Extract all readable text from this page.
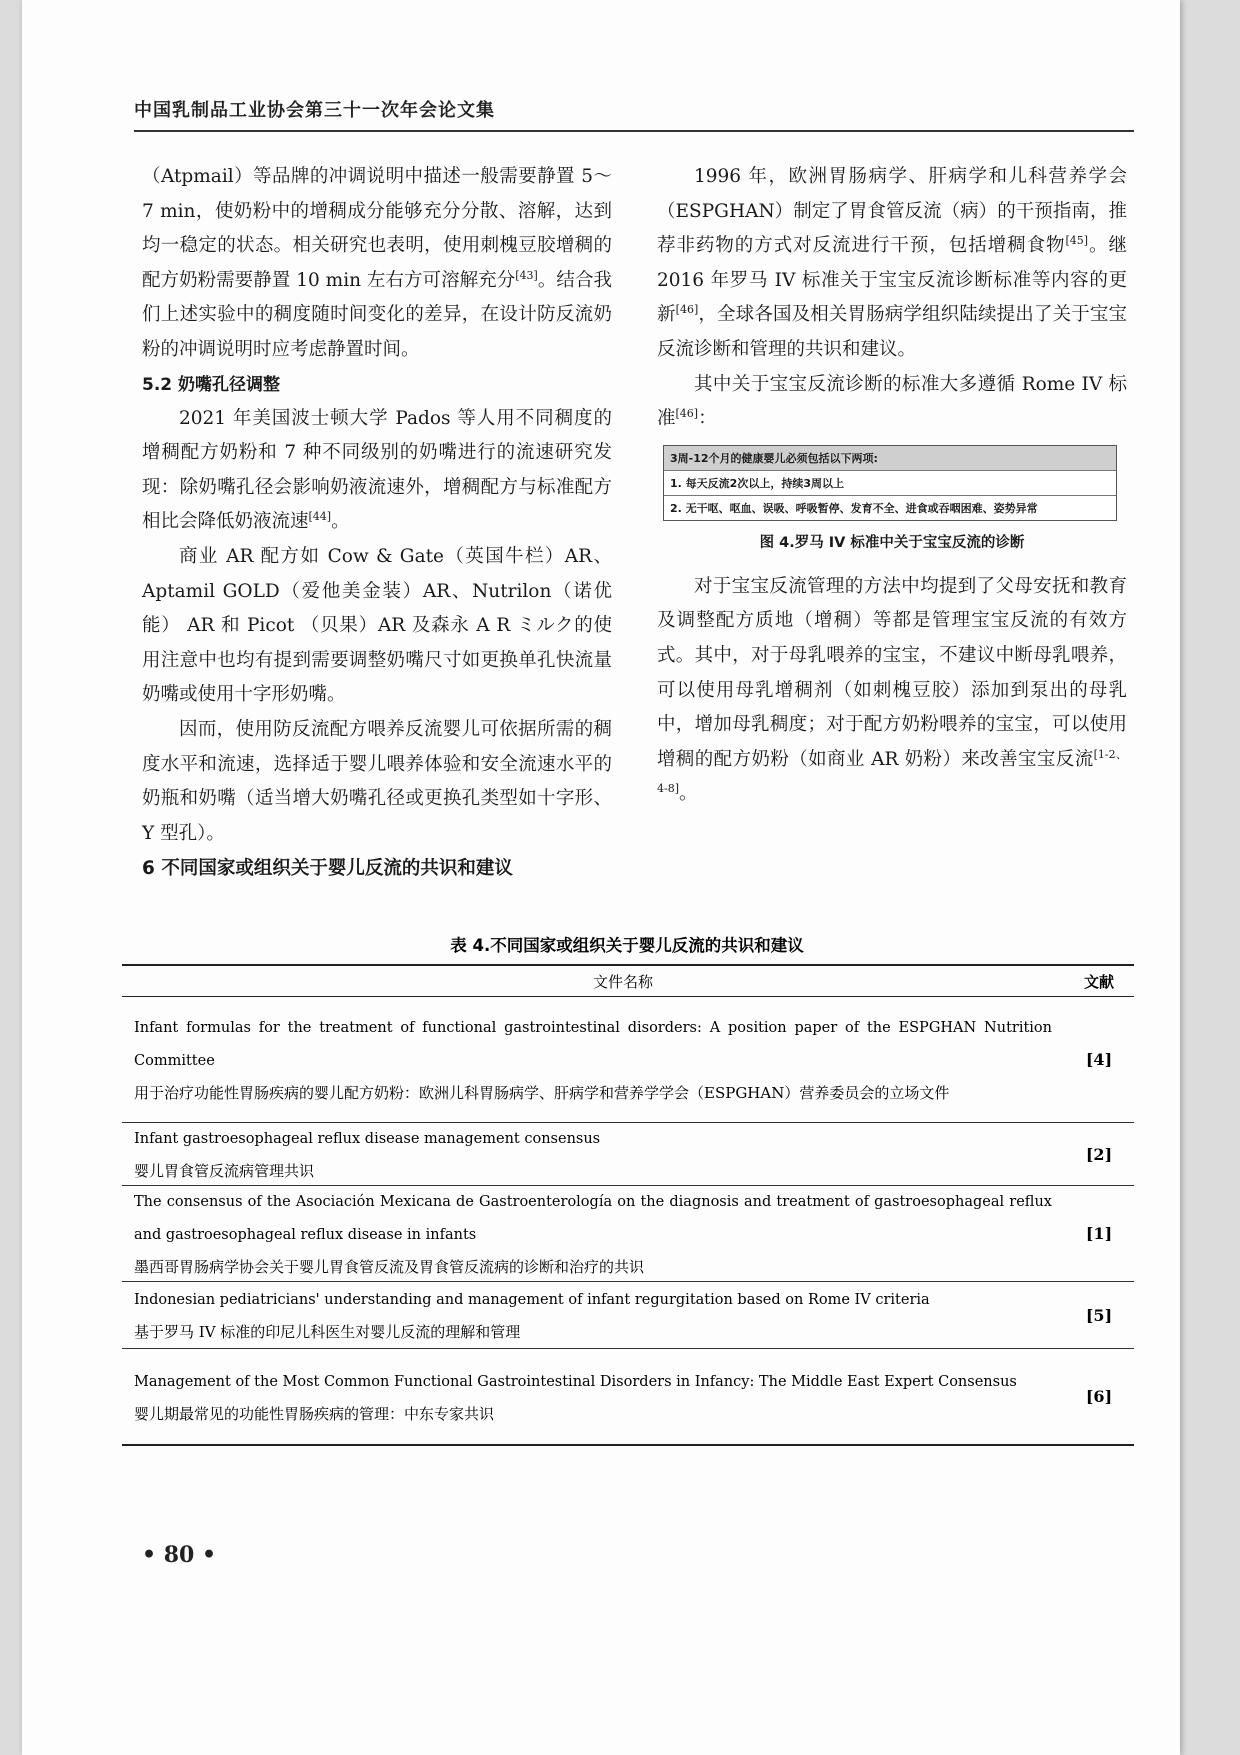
中国乳制品工业协会第三十一次年会论文集

（Atpmail）等品牌的冲调说明中描述一般需要静置 5～7 min，使奶粉中的增稠成分能够充分分散、溶解，达到均一稳定的状态。相关研究也表明，使用刺槐豆胶增稠的配方奶粉需要静置 10 min 左右方可溶解充分[43]。结合我们上述实验中的稠度随时间变化的差异，在设计防反流奶粉的冲调说明时应考虑静置时间。

5.2 奶嘴孔径调整

2021 年美国波士顿大学 Pados 等人用不同稠度的增稠配方奶粉和 7 种不同级别的奶嘴进行的流速研究发现：除奶嘴孔径会影响奶液流速外，增稠配方与标准配方相比会降低奶液流速[44]。

商业 AR 配方如 Cow & Gate（英国牛栏）AR、Aptamil GOLD（爱他美金装）AR、Nutrilon（诺优能） AR 和 Picot （贝果）AR 及森永 A R ミルク的使用注意中也均有提到需要调整奶嘴尺寸如更换单孔快流量奶嘴或使用十字形奶嘴。

因而，使用防反流配方喂养反流婴儿可依据所需的稠度水平和流速，选择适于婴儿喂养体验和安全流速水平的奶瓶和奶嘴（适当增大奶嘴孔径或更换孔类型如十字形、Y 型孔）。

6 不同国家或组织关于婴儿反流的共识和建议

1996 年，欧洲胃肠病学、肝病学和儿科营养学会（ESPGHAN）制定了胃食管反流（病）的干预指南，推荐非药物的方式对反流进行干预，包括增稠食物[45]。继 2016 年罗马 IV 标准关于宝宝反流诊断标准等内容的更新[46]，全球各国及相关胃肠病学组织陆续提出了关于宝宝反流诊断和管理的共识和建议。

其中关于宝宝反流诊断的标准大多遵循 Rome IV 标准[46]：

3周-12个月的健康婴儿必须包括以下两项:
1. 每天反流2次以上，持续3周以上
2. 无干呕、呕血、误吸、呼吸暂停、发育不全、进食或吞咽困难、姿势异常
图 4.罗马 IV 标准中关于宝宝反流的诊断

对于宝宝反流管理的方法中均提到了父母安抚和教育及调整配方质地（增稠）等都是管理宝宝反流的有效方式。其中，对于母乳喂养的宝宝，不建议中断母乳喂养，可以使用母乳增稠剂（如刺槐豆胶）添加到泵出的母乳中，增加母乳稠度；对于配方奶粉喂养的宝宝，可以使用增稠的配方奶粉（如商业 AR 奶粉）来改善宝宝反流[1-2、4-8]。

表 4.不同国家或组织关于婴儿反流的共识和建议
文件名称	文献
Infant formulas for the treatment of functional gastrointestinal disorders: A position paper of the ESPGHAN Nutrition Committee
用于治疗功能性胃肠疾病的婴儿配方奶粉：欧洲儿科胃肠病学、肝病学和营养学学会（ESPGHAN）营养委员会的立场文件
[4]
Infant gastroesophageal reflux disease management consensus
婴儿胃食管反流病管理共识
[2]
The consensus of the Asociación Mexicana de Gastroenterología on the diagnosis and treatment of gastroesophageal reflux and gastroesophageal reflux disease in infants
墨西哥胃肠病学协会关于婴儿胃食管反流及胃食管反流病的诊断和治疗的共识
[1]
Indonesian pediatricians' understanding and management of infant regurgitation based on Rome IV criteria
基于罗马 IV 标准的印尼儿科医生对婴儿反流的理解和管理
[5]
Management of the Most Common Functional Gastrointestinal Disorders in Infancy: The Middle East Expert Consensus
婴儿期最常见的功能性胃肠疾病的管理：中东专家共识
[6]
• 80 •
